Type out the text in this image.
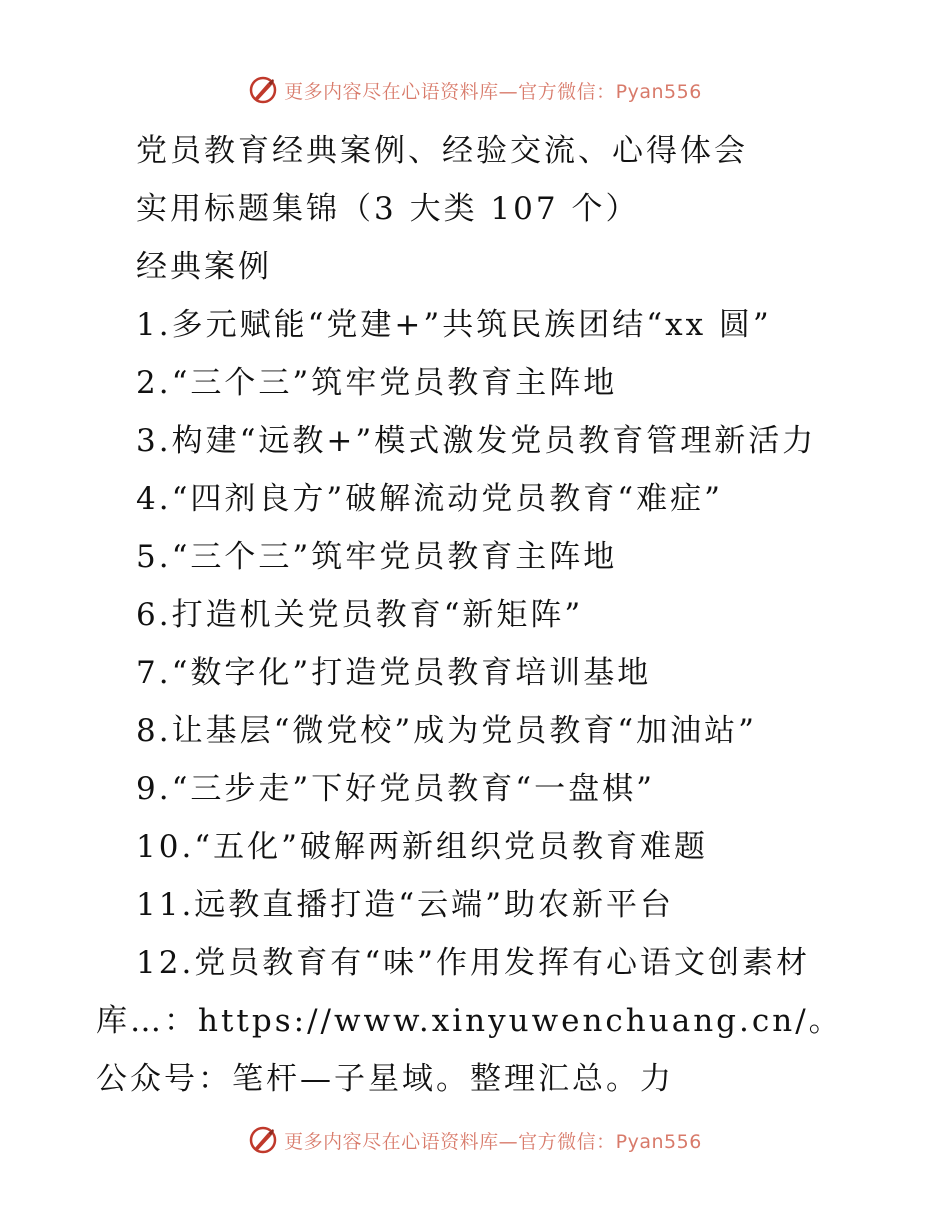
更多内容尽在心语资料库—官方微信：Pyan556
党员教育经典案例、经验交流、心得体会
实用标题集锦（3 大类 107 个）
经典案例
1.多元赋能“党建+”共筑民族团结“xx 圆”
2.“三个三”筑牢党员教育主阵地
3.构建“远教+”模式激发党员教育管理新活力
4.“四剂良方”破解流动党员教育“难症”
5.“三个三”筑牢党员教育主阵地
6.打造机关党员教育“新矩阵”
7.“数字化”打造党员教育培训基地
8.让基层“微党校”成为党员教育“加油站”
9.“三步走”下好党员教育“一盘棋”
10.“五化”破解两新组织党员教育难题
11.远教直播打造“云端”助农新平台

12.党员教育有“味”作用发挥有心语文创素材库…：https://www.xinyuwenchuang.cn/。公众号：笔杆—子星域。整理汇总。力

更多内容尽在心语资料库—官方微信：Pyan556
